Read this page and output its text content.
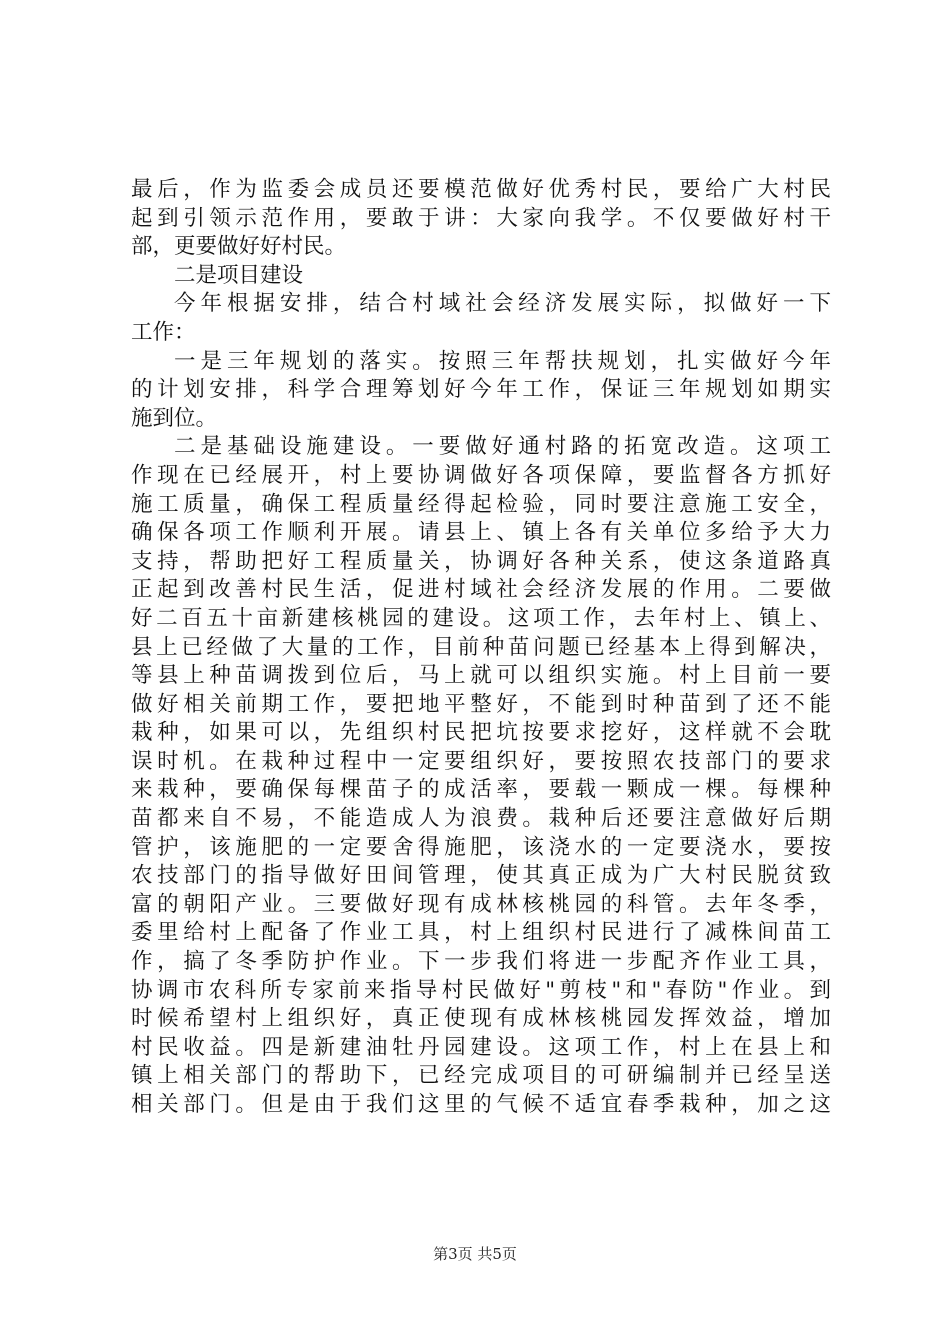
最后，作为监委会成员还要模范做好优秀村民，要给广大村民
起到引领示范作用，要敢于讲：大家向我学。不仅要做好村干
部，更要做好好村民。
二是项目建设
今年根据安排，结合村域社会经济发展实际，拟做好一下
工作：
一是三年规划的落实。按照三年帮扶规划，扎实做好今年
的计划安排，科学合理筹划好今年工作，保证三年规划如期实
施到位。
二是基础设施建设。一要做好通村路的拓宽改造。这项工
作现在已经展开，村上要协调做好各项保障，要监督各方抓好
施工质量，确保工程质量经得起检验，同时要注意施工安全，
确保各项工作顺利开展。请县上、镇上各有关单位多给予大力
支持，帮助把好工程质量关，协调好各种关系，使这条道路真
正起到改善村民生活，促进村域社会经济发展的作用。二要做
好二百五十亩新建核桃园的建设。这项工作，去年村上、镇上、
县上已经做了大量的工作，目前种苗问题已经基本上得到解决，
等县上种苗调拨到位后，马上就可以组织实施。村上目前一要
做好相关前期工作，要把地平整好，不能到时种苗到了还不能
栽种，如果可以，先组织村民把坑按要求挖好，这样就不会耽
误时机。在栽种过程中一定要组织好，要按照农技部门的要求
来栽种，要确保每棵苗子的成活率，要载一颗成一棵。每棵种
苗都来自不易，不能造成人为浪费。栽种后还要注意做好后期
管护，该施肥的一定要舍得施肥，该浇水的一定要浇水，要按
农技部门的指导做好田间管理，使其真正成为广大村民脱贫致
富的朝阳产业。三要做好现有成林核桃园的科管。去年冬季，
委里给村上配备了作业工具，村上组织村民进行了减株间苗工
作，搞了冬季防护作业。下一步我们将进一步配齐作业工具，
协调市农科所专家前来指导村民做好"剪枝"和"春防"作业。到
时候希望村上组织好，真正使现有成林核桃园发挥效益，增加
村民收益。四是新建油牡丹园建设。这项工作，村上在县上和
镇上相关部门的帮助下，已经完成项目的可研编制并已经呈送
相关部门。但是由于我们这里的气候不适宜春季栽种，加之这
第3页 共5页
